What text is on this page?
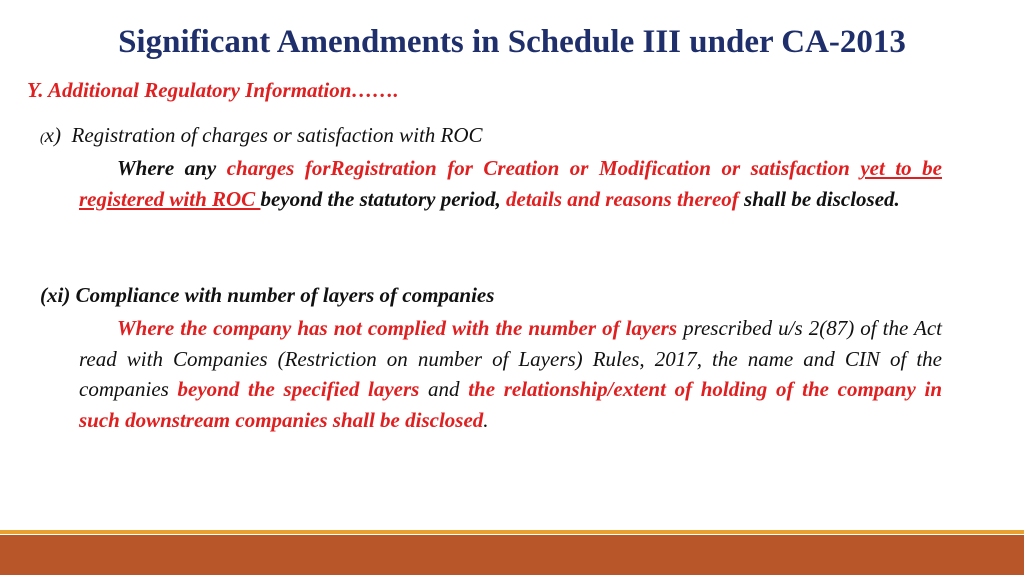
Significant Amendments in Schedule III under CA-2013
Y. Additional Regulatory Information…….
(x) Registration of charges or satisfaction with ROC
Where any charges forRegistration for Creation or Modification or satisfaction yet to be registered with ROC beyond the statutory period, details and reasons thereof shall be disclosed.
(xi) Compliance with number of layers of companies
Where the company has not complied with the number of layers prescribed u/s 2(87) of the Act read with Companies (Restriction on number of Layers) Rules, 2017, the name and CIN of the companies beyond the specified layers and the relationship/extent of holding of the company in such downstream companies shall be disclosed.
